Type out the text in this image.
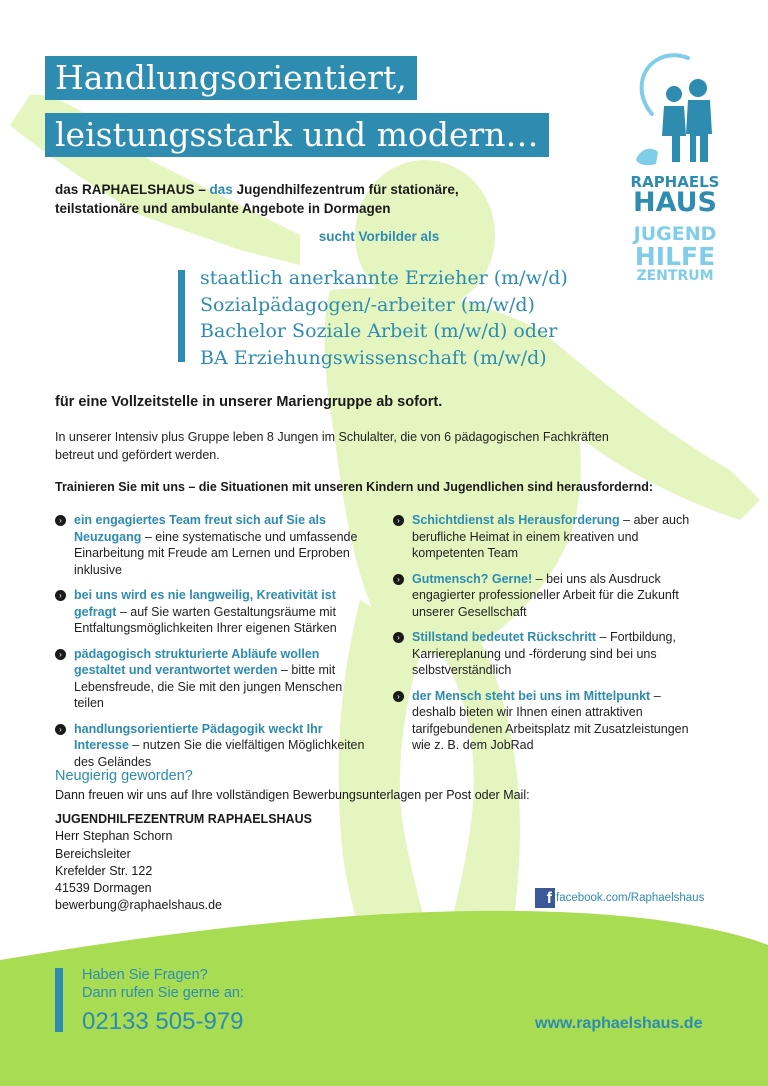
Handlungsorientiert,
leistungsstark und modern…
RAPHAELS
HAUS
JUGEND
HILFE
ZENTRUM
das RAPHAELSHAUS – das Jugendhilfezentrum für stationäre,
teilstationäre und ambulante Angebote in Dormagen
sucht Vorbilder als
staatlich anerkannte Erzieher (m/w/d)
Sozialpädagogen/-arbeiter (m/w/d)
Bachelor Soziale Arbeit (m/w/d) oder
BA Erziehungswissenschaft (m/w/d)
für eine Vollzeitstelle in unserer Mariengruppe ab sofort.
In unserer Intensiv plus Gruppe leben 8 Jungen im Schulalter, die von 6 pädagogischen Fachkräften
betreut und gefördert werden.
Trainieren Sie mit uns – die Situationen mit unseren Kindern und Jugendlichen sind herausfordernd:
› ein engagiertes Team freut sich auf Sie als Neuzugang – eine systematische und umfassende Einarbeitung mit Freude am Lernen und Erproben inklusive
› bei uns wird es nie langweilig, Kreativität ist gefragt – auf Sie warten Gestaltungsräume mit Entfaltungsmöglichkeiten Ihrer eigenen Stärken
› pädagogisch strukturierte Abläufe wollen gestaltet und verantwortet werden – bitte mit Lebensfreude, die Sie mit den jungen Menschen teilen
› handlungsorientierte Pädagogik weckt Ihr Interesse – nutzen Sie die vielfältigen Möglichkeiten des Geländes
› Schichtdienst als Herausforderung – aber auch berufliche Heimat in einem kreativen und kompetenten Team
› Gutmensch? Gerne! – bei uns als Ausdruck engagierter professioneller Arbeit für die Zukunft unserer Gesellschaft
› Stillstand bedeutet Rückschritt – Fortbildung, Karriereplanung und -förderung sind bei uns selbstverständlich
› der Mensch steht bei uns im Mittelpunkt – deshalb bieten wir Ihnen einen attraktiven tarifgebundenen Arbeitsplatz mit Zusatzleistungen wie z. B. dem JobRad
Neugierig geworden?
Dann freuen wir uns auf Ihre vollständigen Bewerbungsunterlagen per Post oder Mail:
JUGENDHILFEZENTRUM RAPHAELSHAUS
Herr Stephan Schorn
Bereichsleiter
Krefelder Str. 122
41539 Dormagen
bewerbung@raphaelshaus.de	f facebook.com/Raphaelshaus
Haben Sie Fragen?
Dann rufen Sie gerne an:
02133 505-979	www.raphaelshaus.de
